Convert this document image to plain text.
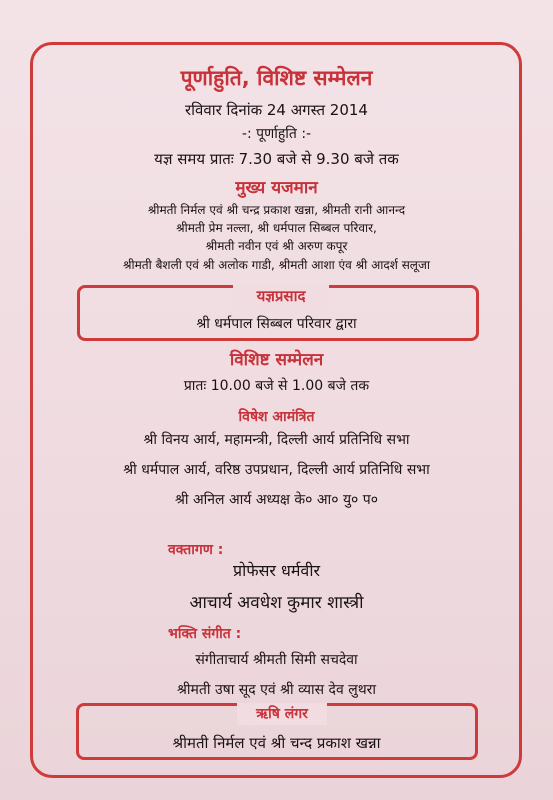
पूर्णाहुति, विशिष्ट सम्मेलन
रविवार दिनांक 24 अगस्त 2014
-: पूर्णाहुति :-
यज्ञ समय प्रातः 7.30 बजे से 9.30 बजे तक
मुख्य यजमान
श्रीमती निर्मल एवं श्री चन्द्र प्रकाश खन्ना, श्रीमती रानी आनन्द
श्रीमती प्रेम नल्ला, श्री धर्मपाल सिब्बल परिवार,
श्रीमती नवीन एवं श्री अरुण कपूर
श्रीमती बैशली एवं श्री अलोक गाडी, श्रीमती आशा एंव श्री आदर्श सलूजा
यज्ञप्रसाद
श्री धर्मपाल सिब्बल परिवार द्वारा
विशिष्ट सम्मेलन
प्रातः 10.00 बजे से 1.00 बजे तक
विषेश आमंत्रित
श्री विनय आर्य, महामन्त्री, दिल्ली आर्य प्रतिनिधि सभा
श्री धर्मपाल आर्य, वरिष्ठ उपप्रधान, दिल्ली आर्य प्रतिनिधि सभा
श्री अनिल आर्य अध्यक्ष के० आ० यु० प०
वक्तागण :
प्रोफेसर धर्मवीर
आचार्य अवधेश कुमार शास्त्री
भक्ति संगीत :
संगीताचार्य श्रीमती सिमी सचदेवा
श्रीमती उषा सूद एवं श्री व्यास देव लुथरा
ऋषि लंगर
श्रीमती निर्मल एवं श्री चन्द प्रकाश खन्ना
